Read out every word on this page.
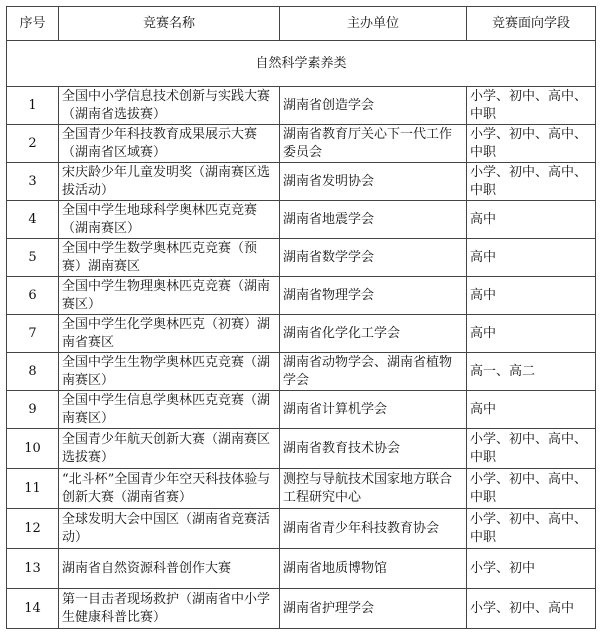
序号	竞赛名称	主办单位	竞赛面向学段
自然科学素养类			
1	全国中小学信息技术创新与实践大赛（湖南省选拔赛）	湖南省创造学会	小学、初中、高中、中职
2	全国青少年科技教育成果展示大赛（湖南省区域赛）	湖南省教育厅关心下一代工作委员会	小学、初中、高中、中职
3	宋庆龄少年儿童发明奖（湖南赛区选拔活动）	湖南省发明协会	小学、初中、高中、中职
4	全国中学生地球科学奥林匹克竞赛（湖南赛区）	湖南省地震学会	高中
5	全国中学生数学奥林匹克竞赛（预赛）湖南赛区	湖南省数学学会	高中
6	全国中学生物理奥林匹克竞赛（湖南赛区）	湖南省物理学会	高中
7	全国中学生化学奥林匹克（初赛）湖南省赛区	湖南省化学化工学会	高中
8	全国中学生生物学奥林匹克竞赛（湖南赛区）	湖南省动物学会、湖南省植物学会	高一、高二
9	全国中学生信息学奥林匹克竞赛（湖南赛区）	湖南省计算机学会	高中
10	全国青少年航天创新大赛（湖南赛区选拔赛）	湖南省教育技术协会	小学、初中、高中、中职
11	“北斗杯”全国青少年空天科技体验与创新大赛（湖南省赛）	测控与导航技术国家地方联合工程研究中心	小学、初中、高中、中职
12	全球发明大会中国区（湖南省竞赛活动）	湖南省青少年科技教育协会	小学、初中、高中、中职
13	湖南省自然资源科普创作大赛	湖南省地质博物馆	小学、初中
14	第一目击者现场救护（湖南省中小学生健康科普比赛）	湖南省护理学会	小学、初中、高中
